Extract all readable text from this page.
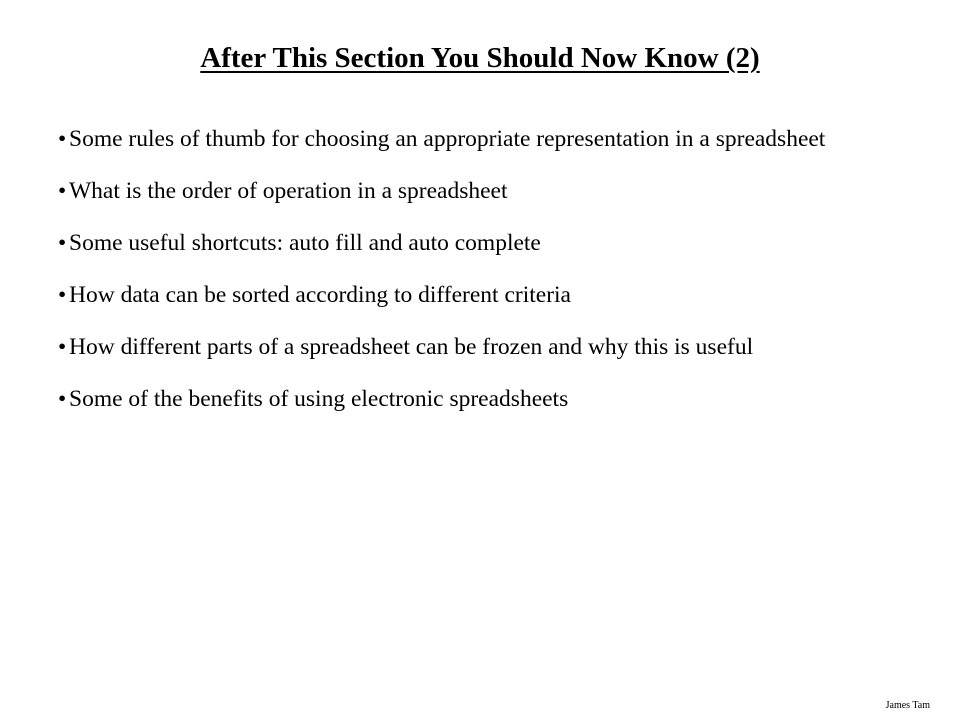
After This Section You Should Now Know (2)
• Some rules of thumb for choosing an appropriate representation in a spreadsheet
• What is the order of operation in a spreadsheet
• Some useful shortcuts: auto fill and auto complete
• How data can be sorted according to different criteria
• How different parts of a spreadsheet can be frozen and why this is useful
• Some of the benefits of using electronic spreadsheets
James Tam
